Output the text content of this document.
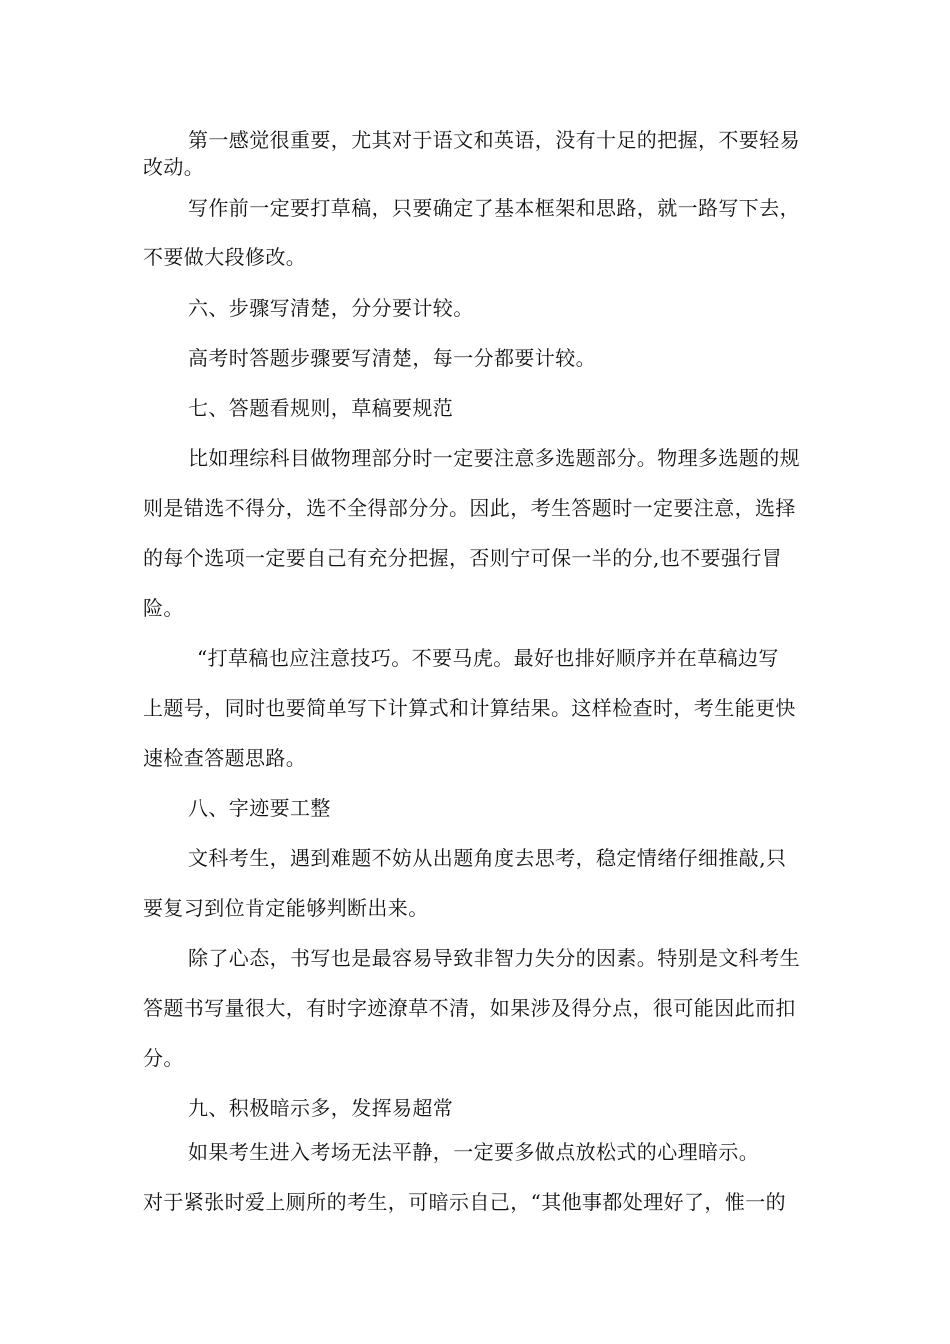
第一感觉很重要，尤其对于语文和英语，没有十足的把握，不要轻易
改动。
写作前一定要打草稿，只要确定了基本框架和思路，就一路写下去，
不要做大段修改。
六、步骤写清楚，分分要计较。
高考时答题步骤要写清楚，每一分都要计较。
七、答题看规则，草稿要规范
比如理综科目做物理部分时一定要注意多选题部分。物理多选题的规
则是错选不得分，选不全得部分分。因此，考生答题时一定要注意，选择
的每个选项一定要自己有充分把握，否则宁可保一半的分,也不要强行冒
险。
“打草稿也应注意技巧。不要马虎。最好也排好顺序并在草稿边写
上题号，同时也要简单写下计算式和计算结果。这样检查时，考生能更快
速检查答题思路。
八、字迹要工整
文科考生，遇到难题不妨从出题角度去思考，稳定情绪仔细推敲,只
要复习到位肯定能够判断出来。
除了心态，书写也是最容易导致非智力失分的因素。特别是文科考生
答题书写量很大，有时字迹潦草不清，如果涉及得分点，很可能因此而扣
分。
九、积极暗示多，发挥易超常
如果考生进入考场无法平静，一定要多做点放松式的心理暗示。
对于紧张时爱上厕所的考生，可暗示自己，“其他事都处理好了，惟一的
